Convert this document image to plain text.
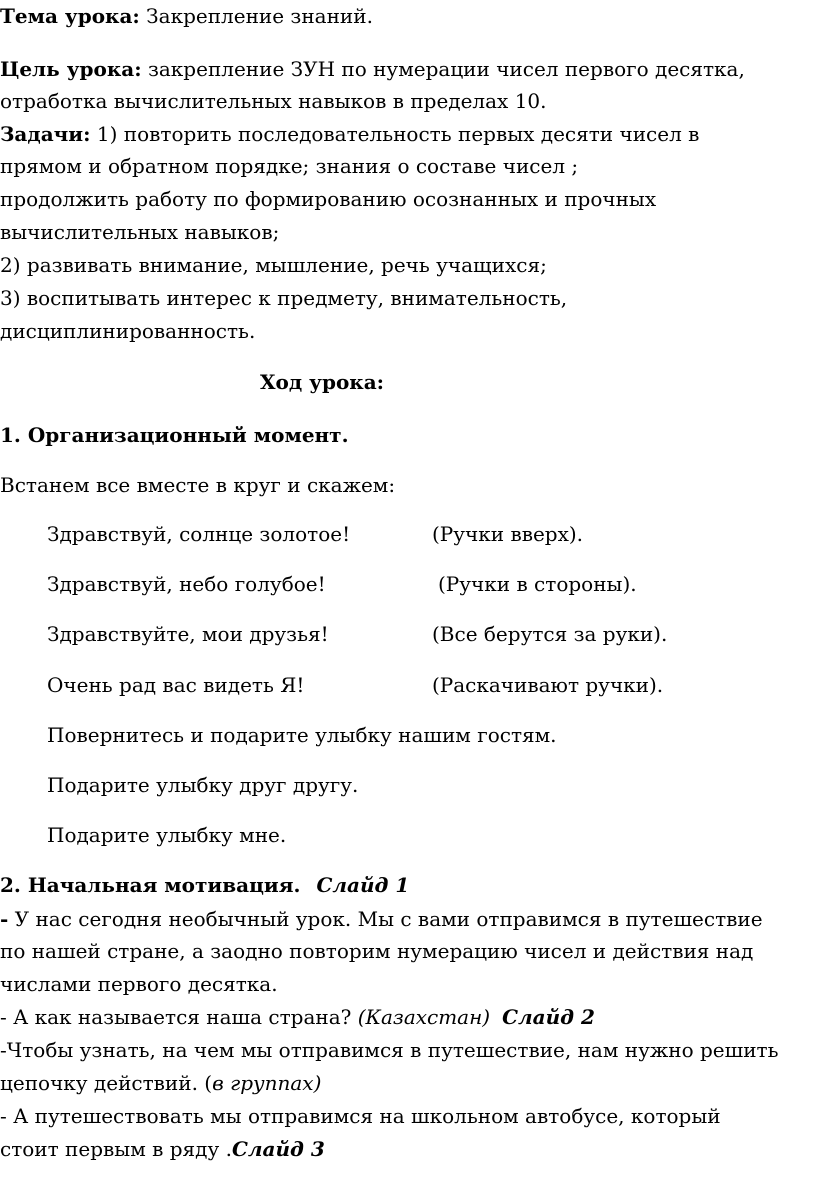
Тема урока: Закрепление знаний.
Цель урока: закрепление ЗУН по нумерации чисел первого десятка,
отработка вычислительных навыков в пределах 10.
Задачи: 1) повторить последовательность первых десяти чисел в
прямом и обратном порядке; знания о составе чисел ;
продолжить работу по формированию осознанных и прочных
вычислительных навыков;
2) развивать внимание, мышление, речь учащихся;
3) воспитывать интерес к предмету, внимательность,
дисциплинированность.
Ход урока:
1. Организационный момент.
Встанем все вместе в круг и скажем:
Здравствуй, солнце золотое!	(Ручки вверх).
Здравствуй, небо голубое!	(Ручки в стороны).
Здравствуйте, мои друзья!	(Все берутся за руки).
Очень рад вас видеть Я!	(Раскачивают ручки).
Повернитесь и подарите улыбку нашим гостям.
Подарите улыбку друг другу.
Подарите улыбку мне.
2. Начальная мотивация. Слайд 1
- У нас сегодня необычный урок. Мы с вами отправимся в путешествие
по нашей стране, а заодно повторим нумерацию чисел и действия над
числами первого десятка.
- А как называется наша страна? (Казахстан) Слайд 2
-Чтобы узнать, на чем мы отправимся в путешествие, нам нужно решить
цепочку действий. (в группах)
- А путешествовать мы отправимся на школьном автобусе, который
стоит первым в ряду .Слайд 3
